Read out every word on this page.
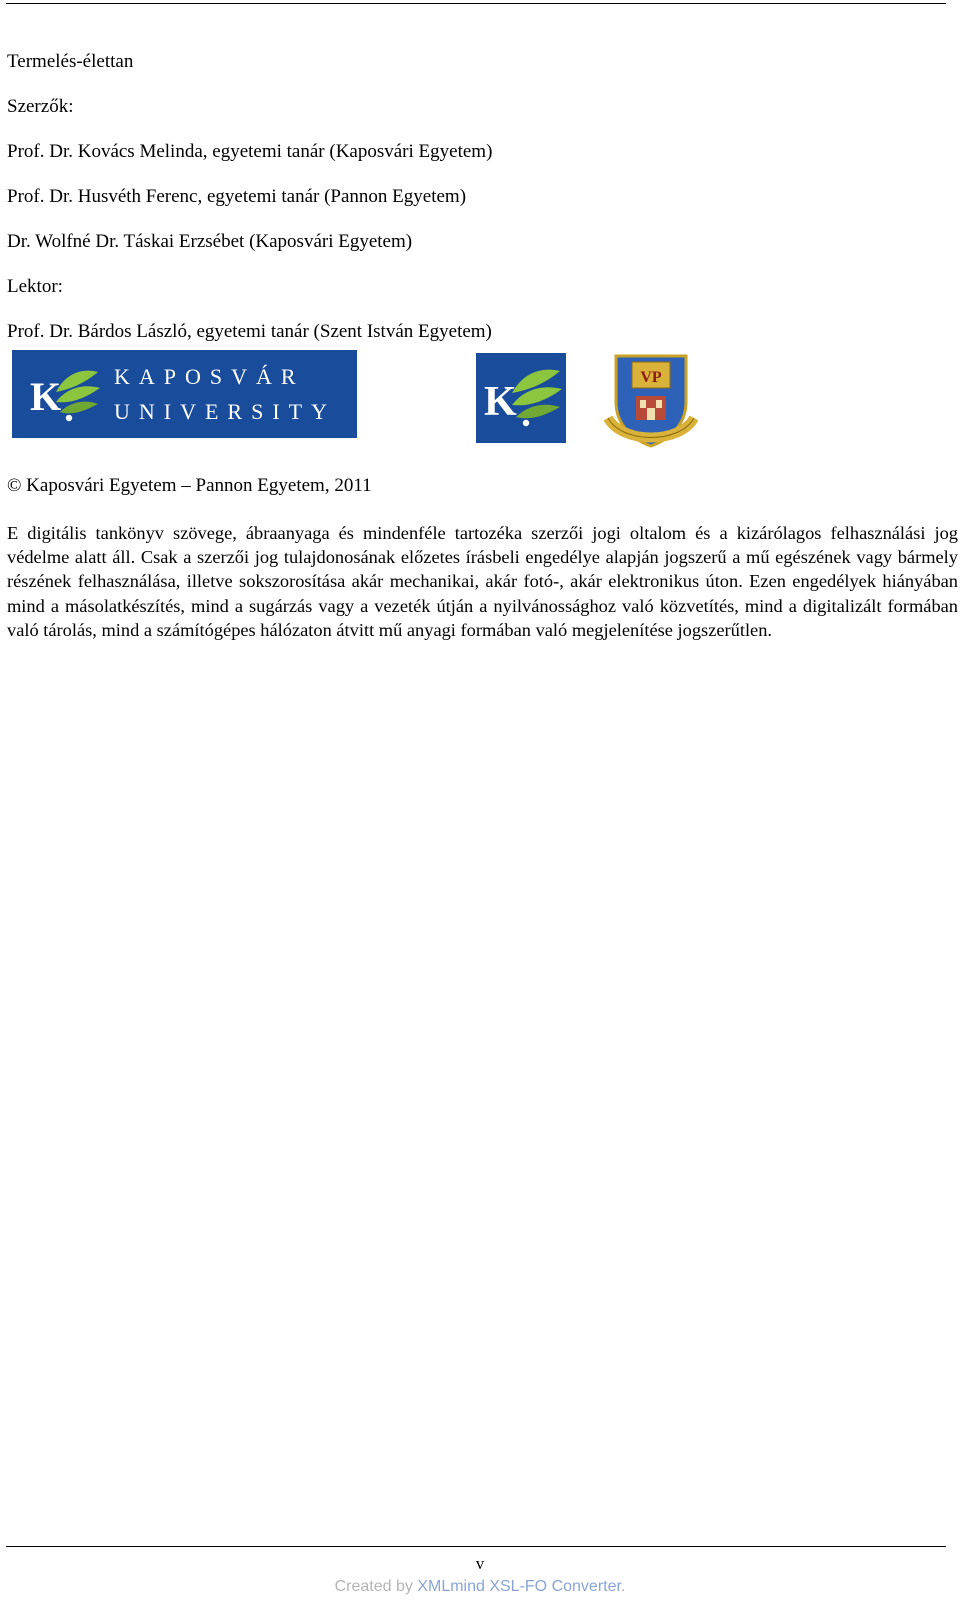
Termelés-élettan
Szerzők:
Prof. Dr. Kovács Melinda, egyetemi tanár (Kaposvári Egyetem)
Prof. Dr. Husvéth Ferenc, egyetemi tanár (Pannon Egyetem)
Dr. Wolfné Dr. Táskai Erzsébet (Kaposvári Egyetem)
Lektor:
Prof. Dr. Bárdos László, egyetemi tanár (Szent István Egyetem)
K KAPOSVÁR
UNIVERSITY	K
VP
© Kaposvári Egyetem – Pannon Egyetem, 2011

E digitális tankönyv szövege, ábraanyaga és mindenféle tartozéka szerzői jogi oltalom és a kizárólagos felhasználási jog védelme alatt áll. Csak a szerzői jog tulajdonosának előzetes írásbeli engedélye alapján jogszerű a mű egészének vagy bármely részének felhasználása, illetve sokszorosítása akár mechanikai, akár fotó-, akár elektronikus úton. Ezen engedélyek hiányában mind a másolatkészítés, mind a sugárzás vagy a vezeték útján a nyilvánossághoz való közvetítés, mind a digitalizált formában való tárolás, mind a számítógépes hálózaton átvitt mű anyagi formában való megjelenítése jogszerűtlen.

v
Created by XMLmind XSL-FO Converter.
